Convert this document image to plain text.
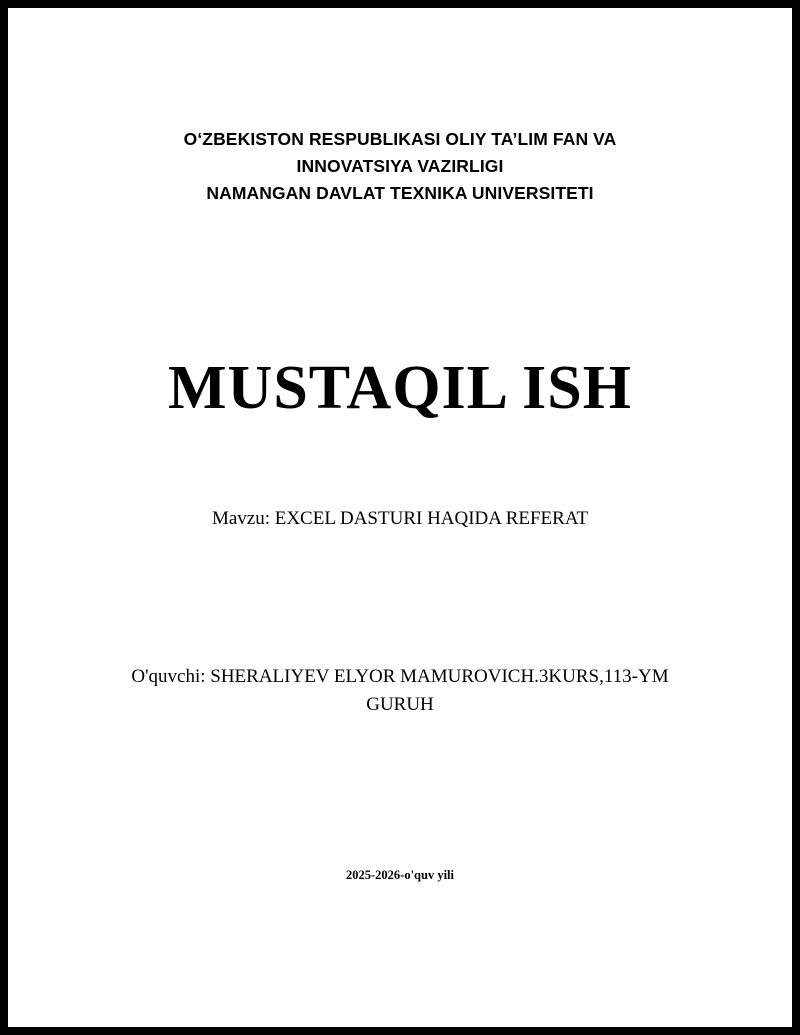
O‘ZBEKISTON RESPUBLIKASI OLIY TA’LIM FAN VA
INNOVATSIYA VAZIRLIGI
NAMANGAN DAVLAT TEXNIKA UNIVERSITETI
MUSTAQIL ISH
Mavzu: EXCEL DASTURI HAQIDA REFERAT
O'quvchi: SHERALIYEV ELYOR MAMUROVICH.3KURS,113-YM GURUH
2025-2026-o'quv yili
